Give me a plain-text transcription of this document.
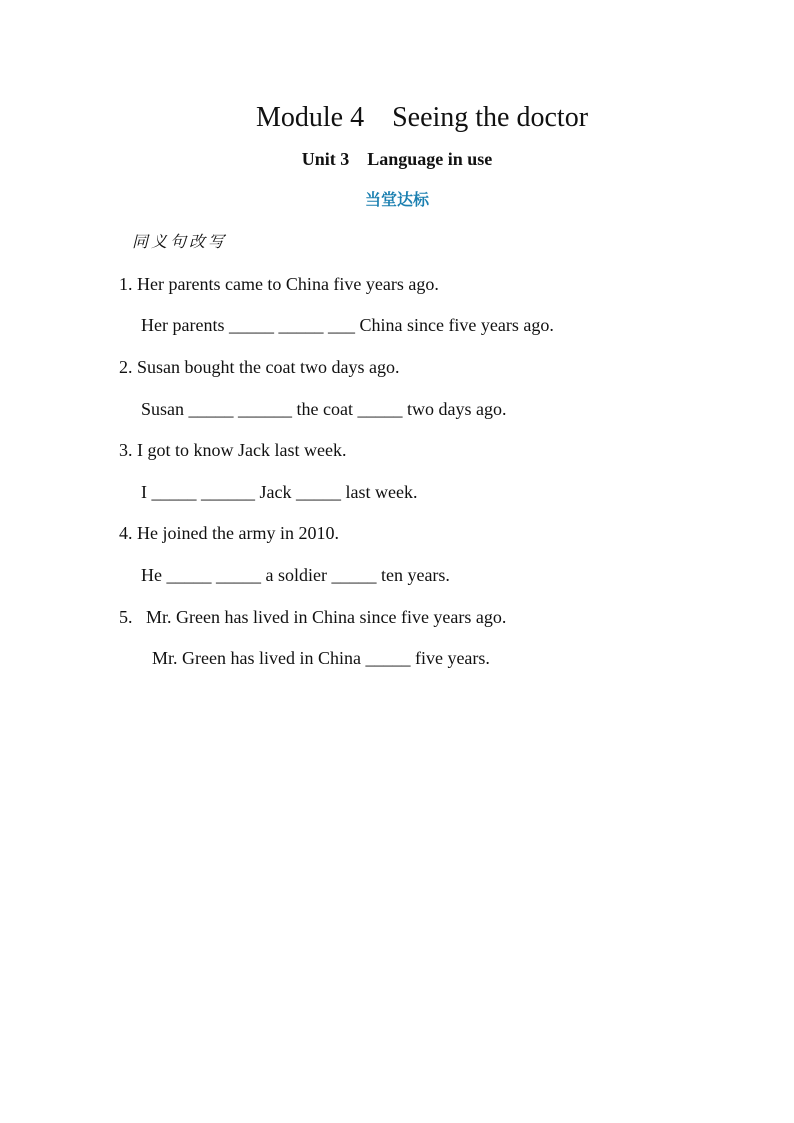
Module 4    Seeing the doctor
Unit 3    Language in use
当堂达标
同义句改写
1. Her parents came to China five years ago.
Her parents _____ _____ ___ China since five years ago.
2. Susan bought the coat two days ago.
Susan _____ ______ the coat _____ two days ago.
3. I got to know Jack last week.
I _____ ______ Jack _____ last week.
4. He joined the army in 2010.
He _____ _____ a soldier _____ ten years.
5.   Mr. Green has lived in China since five years ago.
Mr. Green has lived in China _____ five years.
